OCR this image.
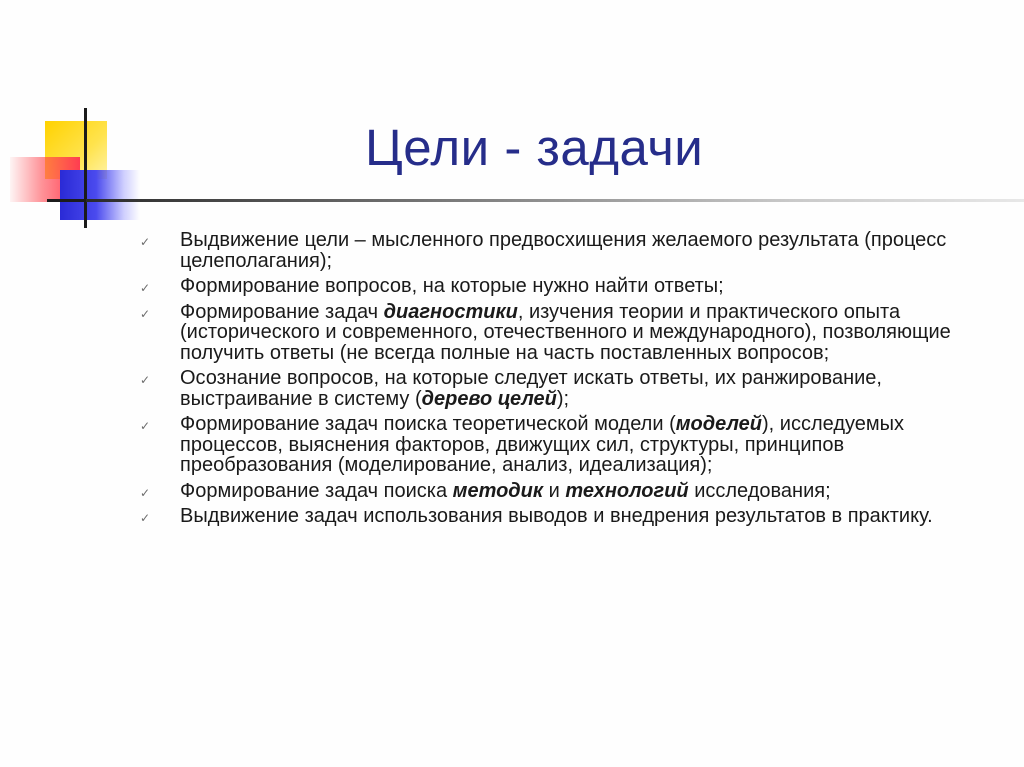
Цели - задачи
✓ Выдвижение цели – мысленного предвосхищения желаемого результата (процесс целеполагания);
✓ Формирование вопросов, на которые нужно найти ответы;
✓ Формирование задач диагностики, изучения теории и практического опыта (исторического и современного, отечественного и международного), позволяющие получить ответы (не всегда полные на часть поставленных вопросов;
✓ Осознание вопросов, на которые следует искать ответы, их ранжирование, выстраивание в систему (дерево целей);
✓ Формирование задач поиска теоретической модели (моделей), исследуемых процессов, выяснения факторов, движущих сил, структуры, принципов преобразования (моделирование, анализ, идеализация);
✓ Формирование задач поиска методик и технологий исследования;
✓ Выдвижение задач использования выводов и внедрения результатов в практику.
